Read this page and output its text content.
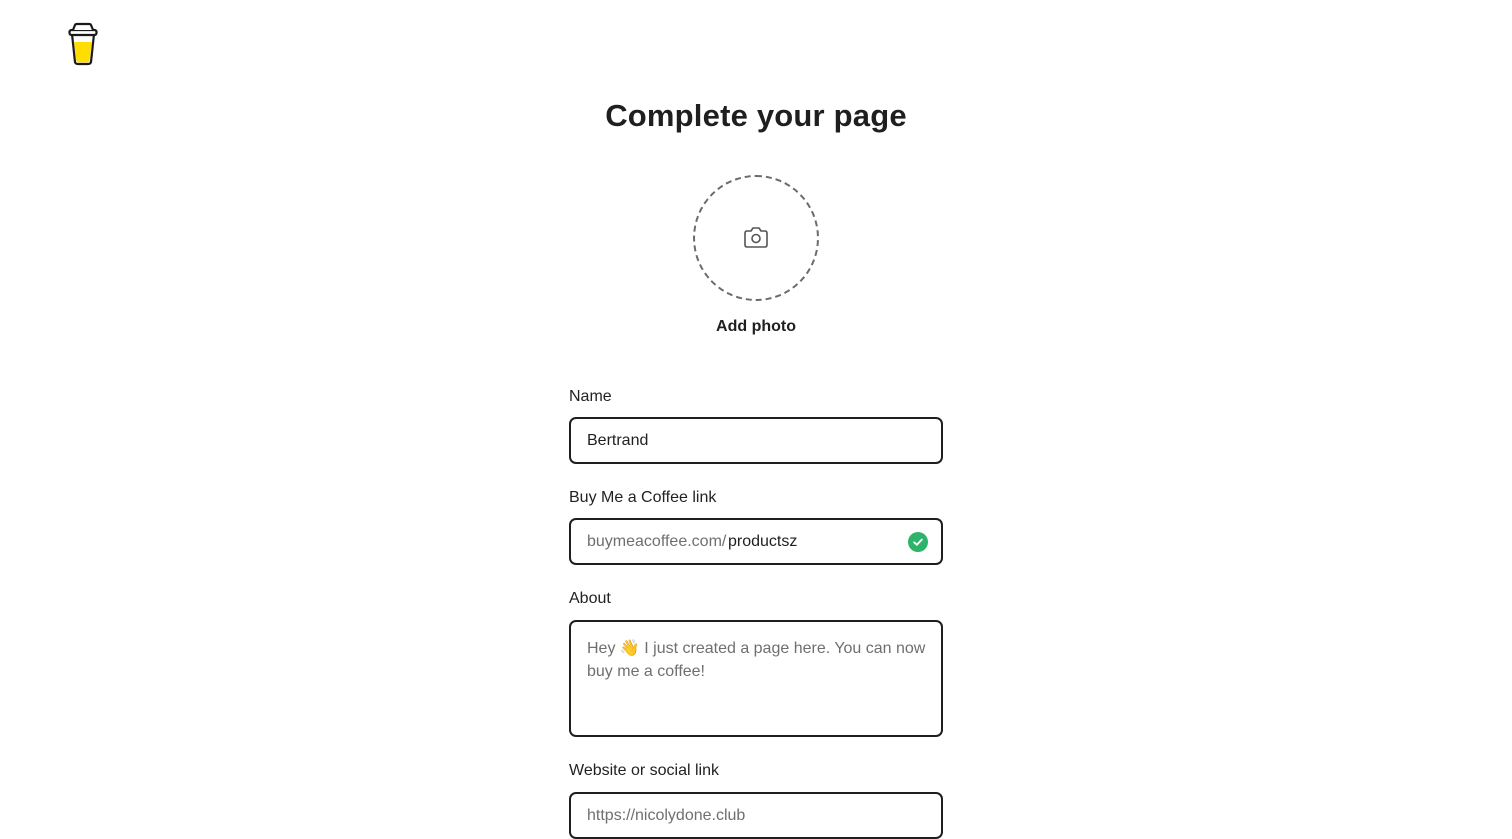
Complete your page
Add photo
Name
Bertrand
Buy Me a Coffee link
buymeacoffee.com/ productsz
About
Hey 👋 I just created a page here. You can now buy me a coffee!
Website or social link
https://nicolydone.club
